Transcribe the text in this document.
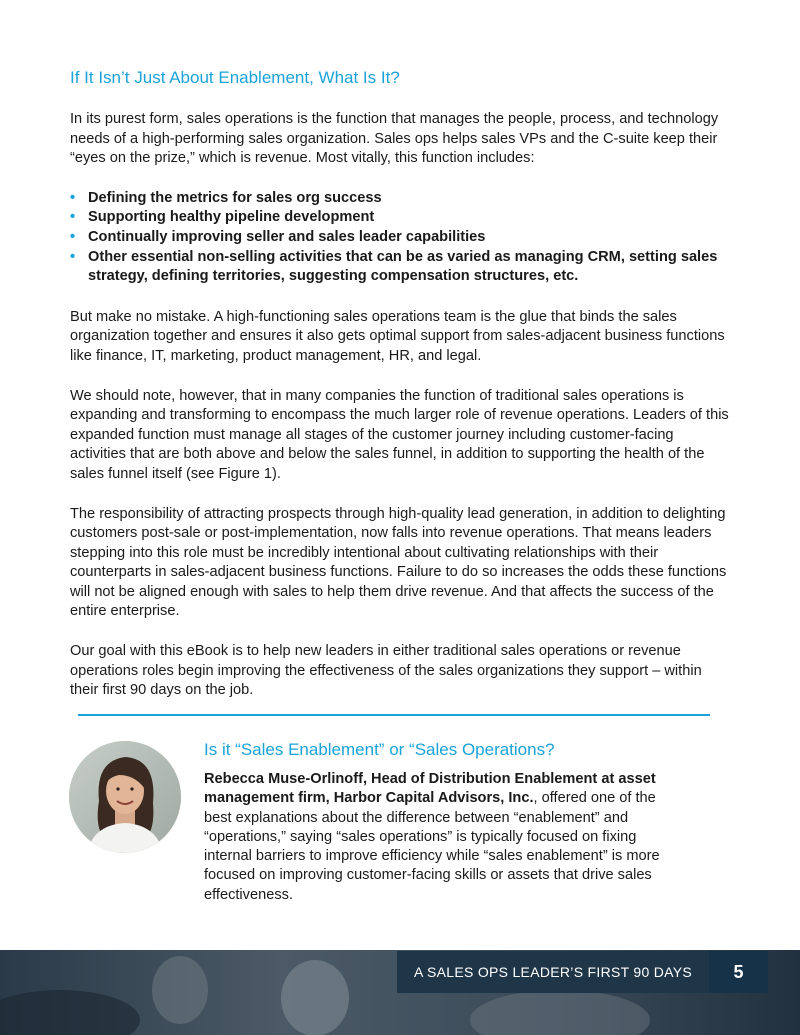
If It Isn’t Just About Enablement, What Is It?

In its purest form, sales operations is the function that manages the people, process, and technology needs of a high-performing sales organization. Sales ops helps sales VPs and the C-suite keep their “eyes on the prize,” which is revenue. Most vitally, this function includes:

• Defining the metrics for sales org success
• Supporting healthy pipeline development
• Continually improving seller and sales leader capabilities
• Other essential non-selling activities that can be as varied as managing CRM, setting sales strategy, defining territories, suggesting compensation structures, etc.

But make no mistake. A high-functioning sales operations team is the glue that binds the sales organization together and ensures it also gets optimal support from sales-adjacent business functions like finance, IT, marketing, product management, HR, and legal.

We should note, however, that in many companies the function of traditional sales operations is expanding and transforming to encompass the much larger role of revenue operations. Leaders of this expanded function must manage all stages of the customer journey including customer-facing activities that are both above and below the sales funnel, in addition to supporting the health of the sales funnel itself (see Figure 1).

The responsibility of attracting prospects through high-quality lead generation, in addition to delighting customers post-sale or post-implementation, now falls into revenue operations. That means leaders stepping into this role must be incredibly intentional about cultivating relationships with their counterparts in sales-adjacent business functions. Failure to do so increases the odds these functions will not be aligned enough with sales to help them drive revenue. And that affects the success of the entire enterprise.

Our goal with this eBook is to help new leaders in either traditional sales operations or revenue operations roles begin improving the effectiveness of the sales organizations they support – within their first 90 days on the job.

Is it “Sales Enablement” or “Sales Operations?

Rebecca Muse-Orlinoff, Head of Distribution Enablement at asset management firm, Harbor Capital Advisors, Inc., offered one of the best explanations about the difference between “enablement” and “operations,” saying “sales operations” is typically focused on fixing internal barriers to improve efficiency while “sales enablement” is more focused on improving customer-facing skills or assets that drive sales effectiveness.

A SALES OPS LEADER’S FIRST 90 DAYS	5
